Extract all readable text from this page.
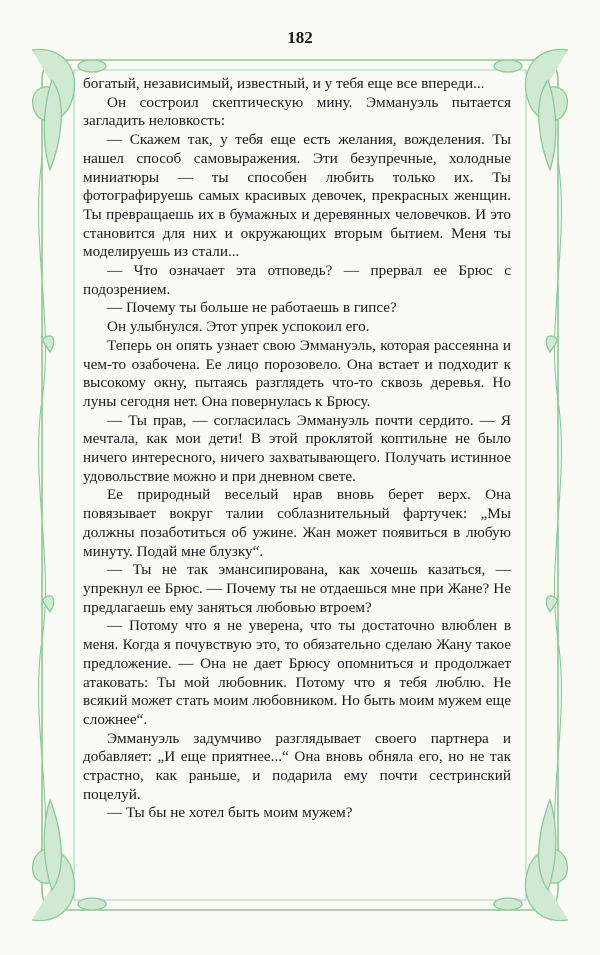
182

богатый, независимый, известный, и у тебя еще все впереди...

Он состроил скептическую мину. Эммануэль пытается загладить неловкость:

— Скажем так, у тебя еще есть желания, вожделения. Ты нашел способ самовыражения. Эти безупречные, холодные миниатюры — ты способен любить только их. Ты фотографируешь самых красивых девочек, прекрасных женщин. Ты превращаешь их в бумажных и деревянных человечков. И это становится для них и окружающих вторым бытием. Меня ты моделируешь из стали...

— Что означает эта отповедь? — прервал ее Брюс с подозрением.

— Почему ты больше не работаешь в гипсе?

Он улыбнулся. Этот упрек успокоил его.

Теперь он опять узнает свою Эммануэль, которая рассеянна и чем-то озабочена. Ее лицо порозовело. Она встает и подходит к высокому окну, пытаясь разглядеть что-то сквозь деревья. Но луны сегодня нет. Она повернулась к Брюсу.

— Ты прав, — согласилась Эммануэль почти сердито. — Я мечтала, как мои дети! В этой проклятой коптильне не было ничего интересного, ничего захватывающего. Получать истинное удовольствие можно и при дневном свете.

Ее природный веселый нрав вновь берет верх. Она повязывает вокруг талии соблазнительный фартучек: „Мы должны позаботиться об ужине. Жан может появиться в любую минуту. Подай мне блузку“.

— Ты не так эмансипирована, как хочешь казаться, — упрекнул ее Брюс. — Почему ты не отдаешься мне при Жане? Не предлагаешь ему заняться любовью втроем?

— Потому что я не уверена, что ты достаточно влюблен в меня. Когда я почувствую это, то обязательно сделаю Жану такое предложение. — Она не дает Брюсу опомниться и продолжает атаковать: Ты мой любовник. Потому что я тебя люблю. Не всякий может стать моим любовником. Но быть моим мужем еще сложнее“.

Эммануэль задумчиво разглядывает своего партнера и добавляет: „И еще приятнее...“ Она вновь обняла его, но не так страстно, как раньше, и подарила ему почти сестринский поцелуй.

— Ты бы не хотел быть моим мужем?
